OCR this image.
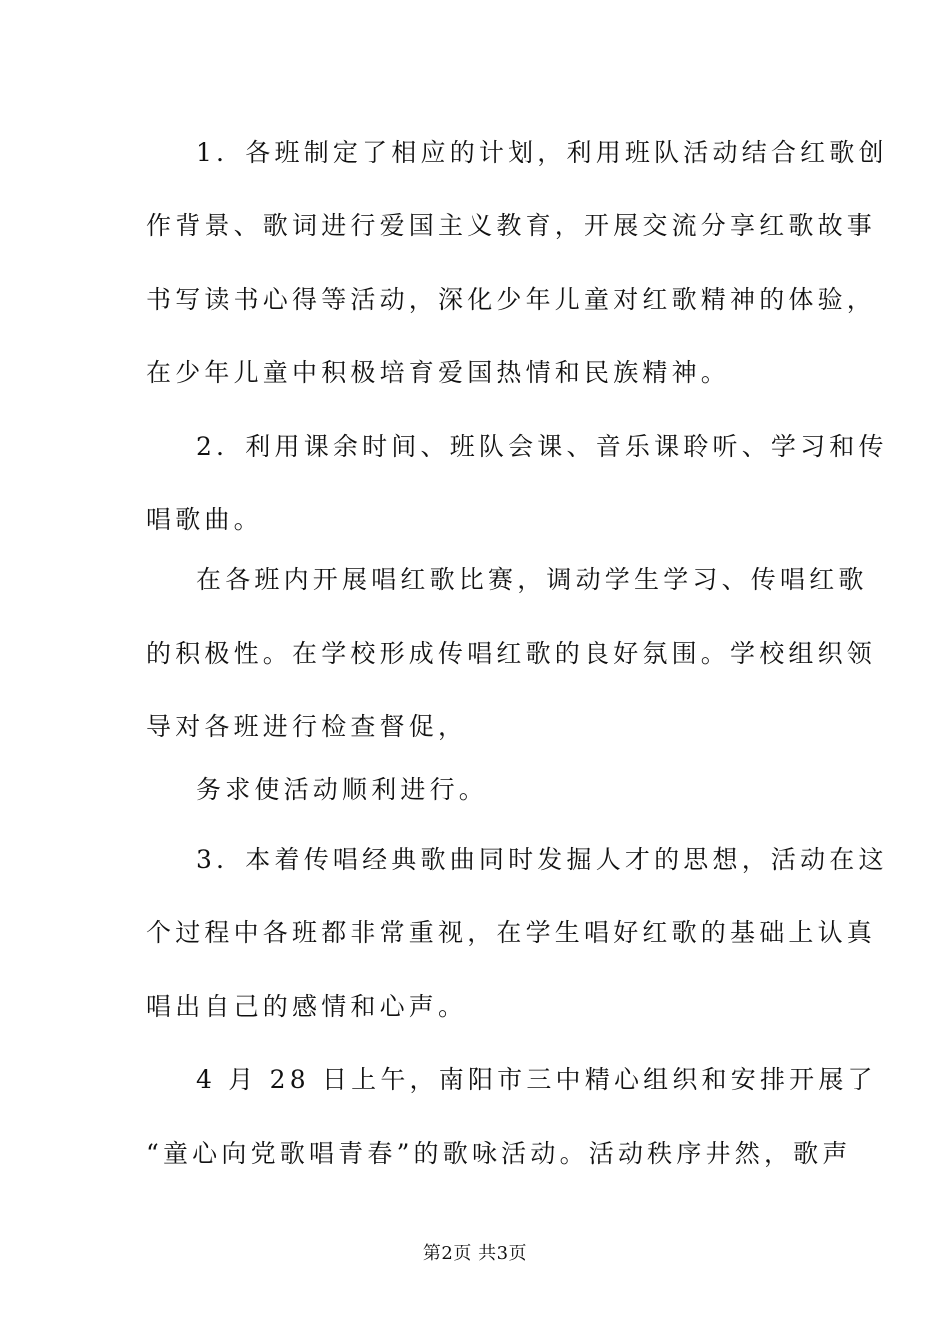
1．各班制定了相应的计划，利用班队活动结合红歌创

作背景、歌词进行爱国主义教育，开展交流分享红歌故事

书写读书心得等活动，深化少年儿童对红歌精神的体验，

在少年儿童中积极培育爱国热情和民族精神。

2．利用课余时间、班队会课、音乐课聆听、学习和传

唱歌曲。

在各班内开展唱红歌比赛，调动学生学习、传唱红歌

的积极性。在学校形成传唱红歌的良好氛围。学校组织领

导对各班进行检查督促，

务求使活动顺利进行。

3．本着传唱经典歌曲同时发掘人才的思想，活动在这

个过程中各班都非常重视，在学生唱好红歌的基础上认真

唱出自己的感情和心声。

4 月 28 日上午，南阳市三中精心组织和安排开展了

“童心向党歌唱青春”的歌咏活动。活动秩序井然，歌声

第2页 共3页
